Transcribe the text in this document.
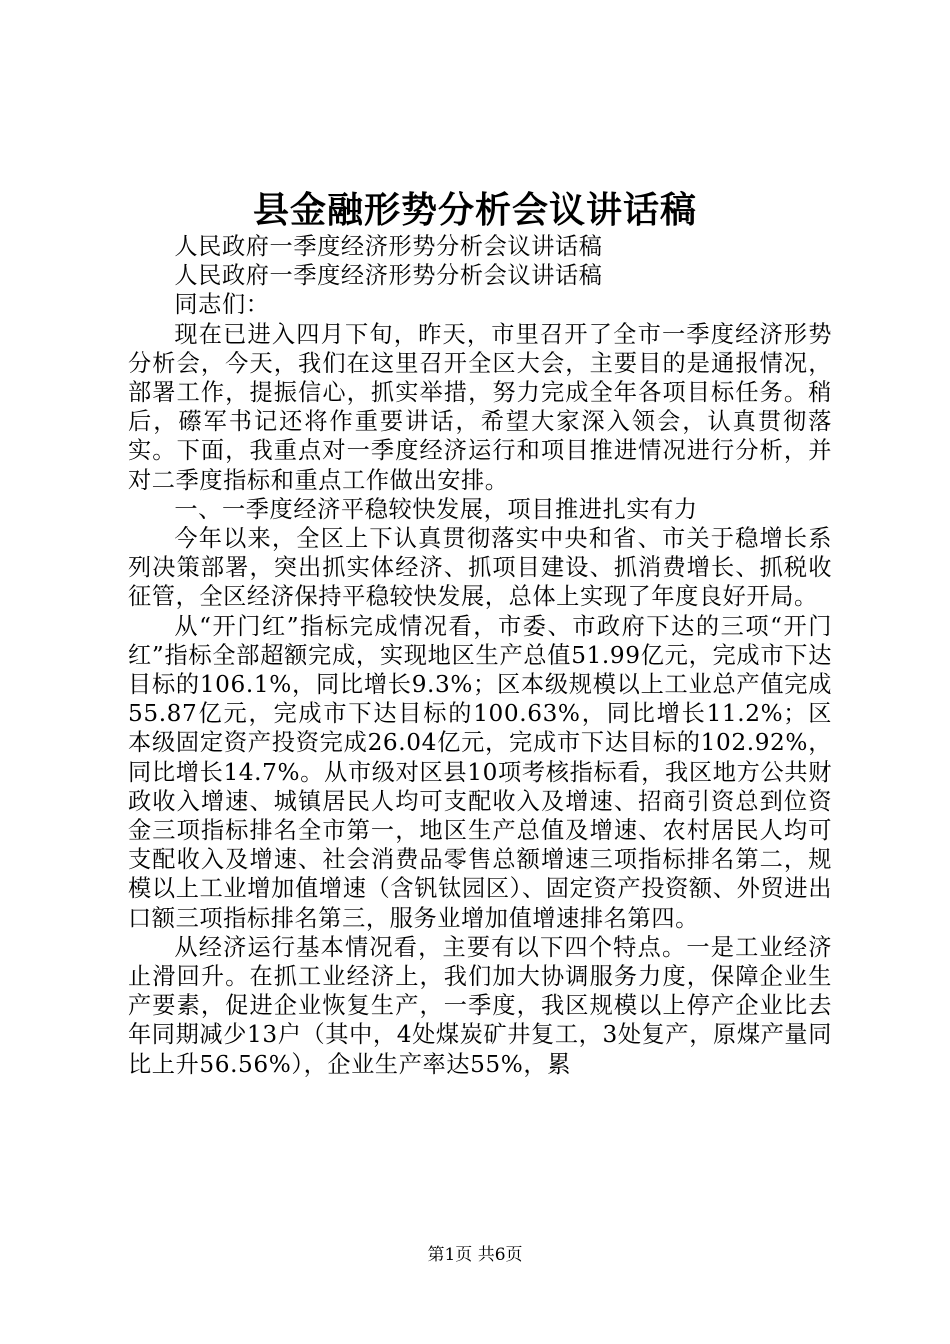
县金融形势分析会议讲话稿

人民政府一季度经济形势分析会议讲话稿

人民政府一季度经济形势分析会议讲话稿

同志们：

现在已进入四月下旬，昨天，市里召开了全市一季度经济形势分析会，今天，我们在这里召开全区大会，主要目的是通报情况，部署工作，提振信心，抓实举措，努力完成全年各项目标任务。稍后，礤军书记还将作重要讲话，希望大家深入领会，认真贯彻落实。下面，我重点对一季度经济运行和项目推进情况进行分析，并对二季度指标和重点工作做出安排。

一、一季度经济平稳较快发展，项目推进扎实有力

今年以来，全区上下认真贯彻落实中央和省、市关于稳增长系列决策部署，突出抓实体经济、抓项目建设、抓消费增长、抓税收征管，全区经济保持平稳较快发展，总体上实现了年度良好开局。

从“开门红”指标完成情况看，市委、市政府下达的三项“开门红”指标全部超额完成，实现地区生产总值51.99亿元，完成市下达目标的106.1%，同比增长9.3%；区本级规模以上工业总产值完成55.87亿元，完成市下达目标的100.63%，同比增长11.2%；区本级固定资产投资完成26.04亿元，完成市下达目标的102.92%，同比增长14.7%。从市级对区县10项考核指标看，我区地方公共财政收入增速、城镇居民人均可支配收入及增速、招商引资总到位资金三项指标排名全市第一，地区生产总值及增速、农村居民人均可支配收入及增速、社会消费品零售总额增速三项指标排名第二，规模以上工业增加值增速（含钒钛园区）、固定资产投资额、外贸进出口额三项指标排名第三，服务业增加值增速排名第四。

从经济运行基本情况看，主要有以下四个特点。一是工业经济止滑回升。在抓工业经济上，我们加大协调服务力度，保障企业生产要素，促进企业恢复生产，一季度，我区规模以上停产企业比去年同期减少13户（其中，4处煤炭矿井复工，3处复产，原煤产量同比上升56.56%），企业生产率达55%，累

第1页 共6页
